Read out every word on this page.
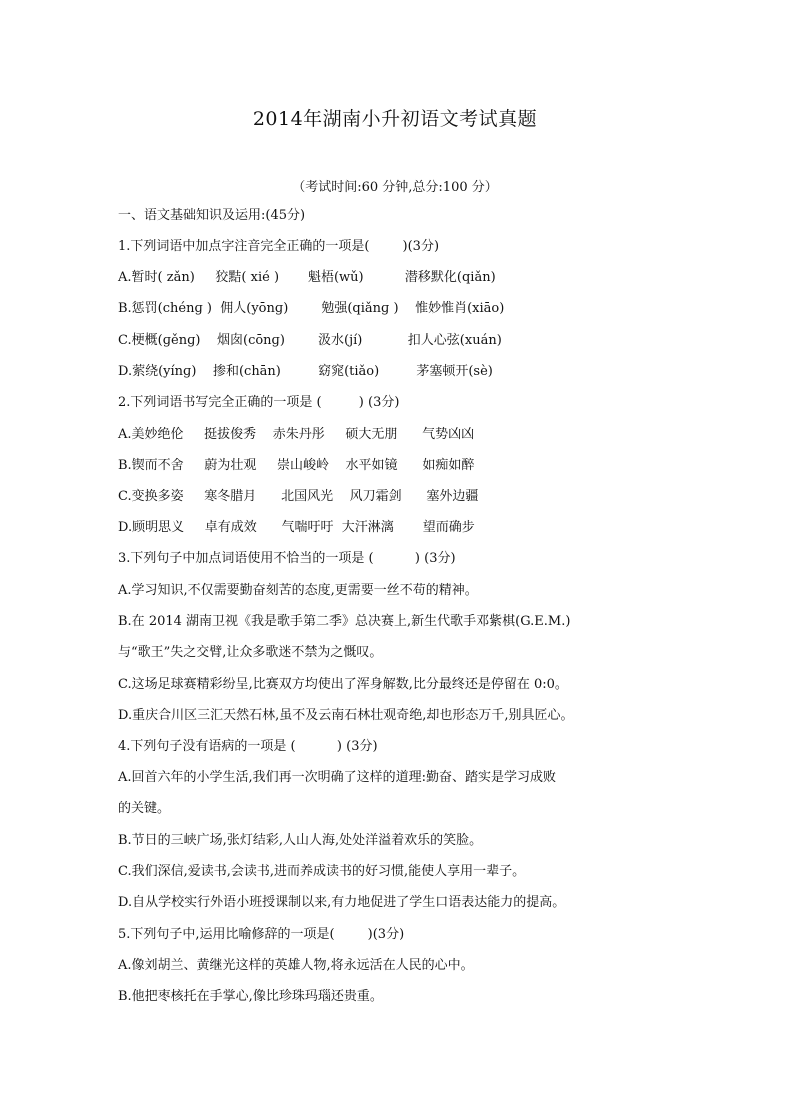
2014年湖南小升初语文考试真题
（考试时间:60 分钟,总分:100 分）
一、语文基础知识及运用:(45分)
1.下列词语中加点字注音完全正确的一项是(        )(3分)
A.暂时( zǎn)     狡黠( xié )       魁梧(wǔ)          潜移默化(qiǎn)
B.惩罚(chénɡ )  佣人(yōnɡ)        勉强(qiǎnɡ )    惟妙惟肖(xiāo)
C.梗概(ɡěnɡ)    烟囱(cōnɡ)        汲水(jí)           扣人心弦(xuán)
D.萦绕(yínɡ)    掺和(chān)         窈窕(tiǎo)         茅塞顿开(sè)
2.下列词语书写完全正确的一项是 (         ) (3分)
A.美妙绝伦     挺拔俊秀    赤朱丹彤     硕大无朋      气势凶凶
B.锲而不舍     蔚为壮观     崇山峻岭    水平如镜      如痴如醉
C.变换多姿     寒冬腊月      北国风光    风刀霜剑      塞外边疆
D.顾明思义     卓有成效      气喘吁吁  大汗淋漓       望而确步
3.下列句子中加点词语使用不恰当的一项是 (          ) (3分)
A.学习知识,不仅需要勤奋刻苦的态度,更需要一丝不苟的精神。
B.在 2014 湖南卫视《我是歌手第二季》总决赛上,新生代歌手邓紫棋(G.E.M.)
与“歌王”失之交臂,让众多歌迷不禁为之慨叹。
C.这场足球赛精彩纷呈,比赛双方均使出了浑身解数,比分最终还是停留在 0:0。
D.重庆合川区三汇天然石林,虽不及云南石林壮观奇绝,却也形态万千,别具匠心。
4.下列句子没有语病的一项是 (          ) (3分)
A.回首六年的小学生活,我们再一次明确了这样的道理:勤奋、踏实是学习成败
的关键。
B.节日的三峡广场,张灯结彩,人山人海,处处洋溢着欢乐的笑脸。
C.我们深信,爱读书,会读书,进而养成读书的好习惯,能使人享用一辈子。
D.自从学校实行外语小班授课制以来,有力地促进了学生口语表达能力的提高。
5.下列句子中,运用比喻修辞的一项是(        )(3分)
A.像刘胡兰、黄继光这样的英雄人物,将永远活在人民的心中。
B.他把枣核托在手掌心,像比珍珠玛瑙还贵重。
